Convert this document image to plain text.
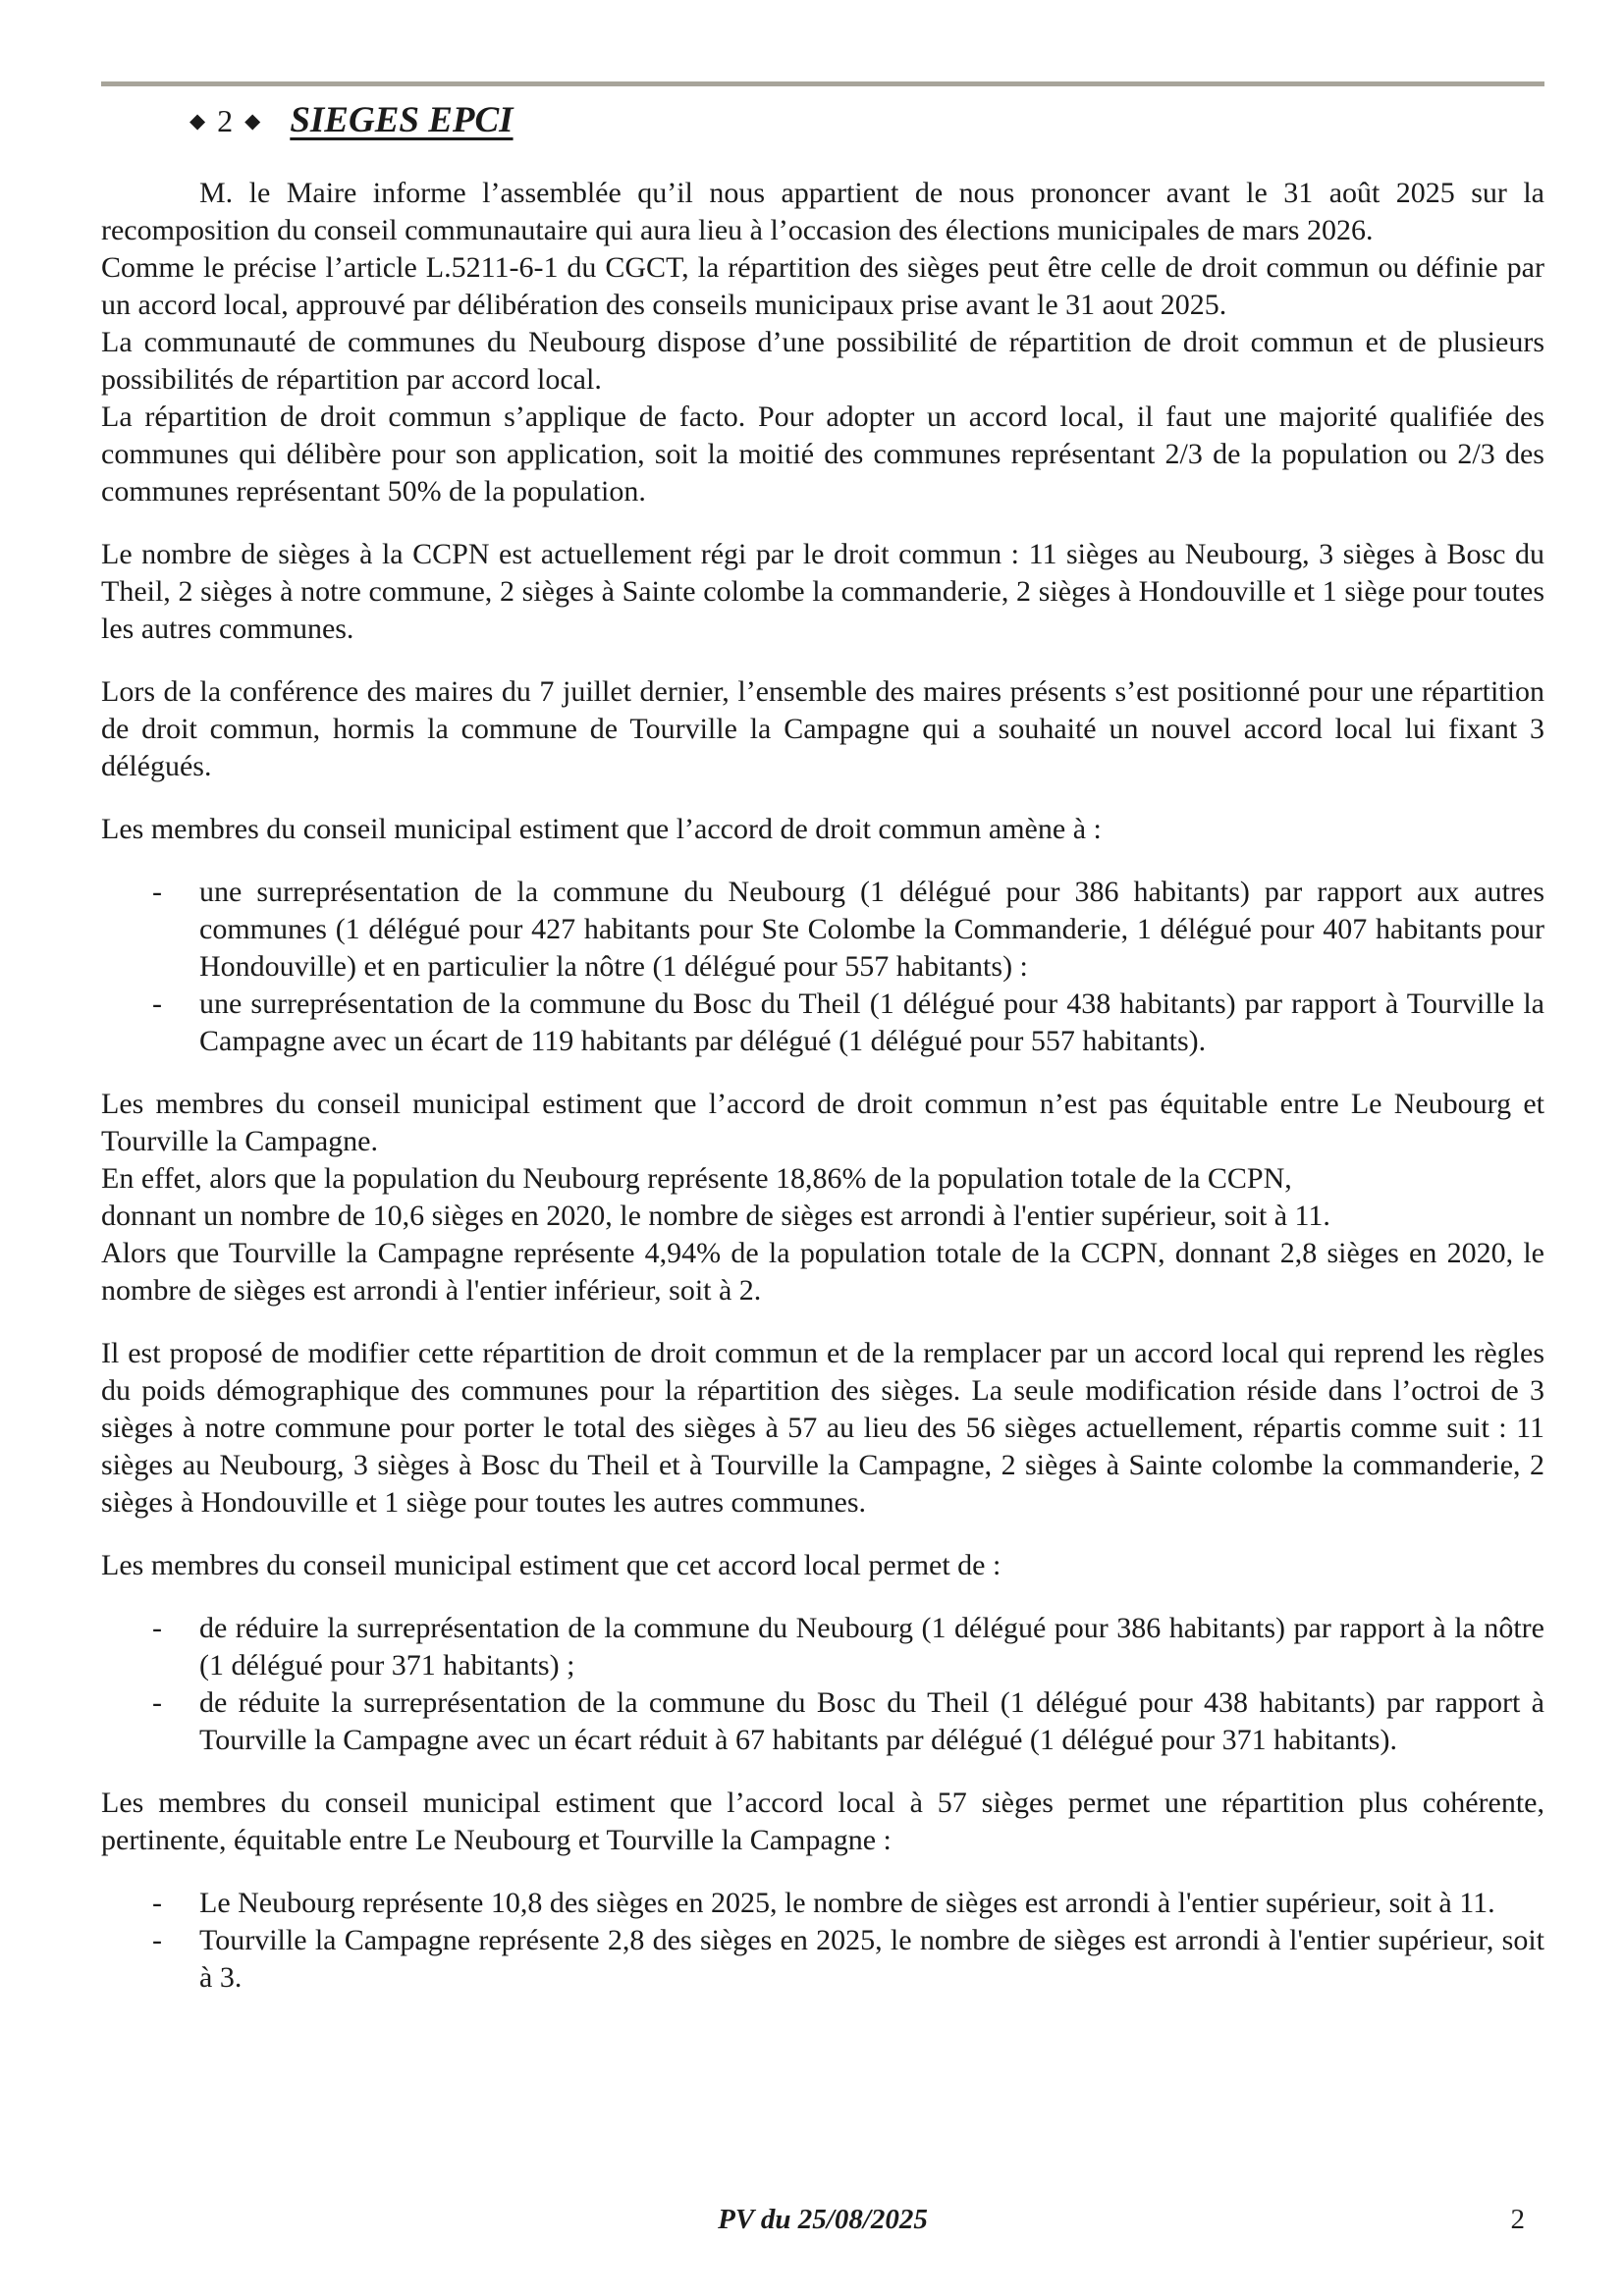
◆ 2 ◆ SIEGES EPCI

M. le Maire informe l’assemblée qu’il nous appartient de nous prononcer avant le 31 août 2025 sur la recomposition du conseil communautaire qui aura lieu à l’occasion des élections municipales de mars 2026.

Comme le précise l’article L.5211-6-1 du CGCT, la répartition des sièges peut être celle de droit commun ou définie par un accord local, approuvé par délibération des conseils municipaux prise avant le 31 aout 2025.

La communauté de communes du Neubourg dispose d’une possibilité de répartition de droit commun et de plusieurs possibilités de répartition par accord local.

La répartition de droit commun s’applique de facto. Pour adopter un accord local, il faut une majorité qualifiée des communes qui délibère pour son application, soit la moitié des communes représentant 2/3 de la population ou 2/3 des communes représentant 50% de la population.

Le nombre de sièges à la CCPN est actuellement régi par le droit commun : 11 sièges au Neubourg, 3 sièges à Bosc du Theil, 2 sièges à notre commune, 2 sièges à Sainte colombe la commanderie, 2 sièges à Hondouville et 1 siège pour toutes les autres communes.

Lors de la conférence des maires du 7 juillet dernier, l’ensemble des maires présents s’est positionné pour une répartition de droit commun, hormis la commune de Tourville la Campagne qui a souhaité un nouvel accord local lui fixant 3 délégués.

Les membres du conseil municipal estiment que l’accord de droit commun amène à :

- une surreprésentation de la commune du Neubourg (1 délégué pour 386 habitants) par rapport aux autres communes (1 délégué pour 427 habitants pour Ste Colombe la Commanderie, 1 délégué pour 407 habitants pour Hondouville) et en particulier la nôtre (1 délégué pour 557 habitants) :
- une surreprésentation de la commune du Bosc du Theil (1 délégué pour 438 habitants) par rapport à Tourville la Campagne avec un écart de 119 habitants par délégué (1 délégué pour 557 habitants).

Les membres du conseil municipal estiment que l’accord de droit commun n’est pas équitable entre Le Neubourg et Tourville la Campagne.

En effet, alors que la population du Neubourg représente 18,86% de la population totale de la CCPN,

donnant un nombre de 10,6 sièges en 2020, le nombre de sièges est arrondi à l'entier supérieur, soit à 11.

Alors que Tourville la Campagne représente 4,94% de la population totale de la CCPN, donnant 2,8 sièges en 2020, le nombre de sièges est arrondi à l'entier inférieur, soit à 2.

Il est proposé de modifier cette répartition de droit commun et de la remplacer par un accord local qui reprend les règles du poids démographique des communes pour la répartition des sièges. La seule modification réside dans l’octroi de 3 sièges à notre commune pour porter le total des sièges à 57 au lieu des 56 sièges actuellement, répartis comme suit : 11 sièges au Neubourg, 3 sièges à Bosc du Theil et à Tourville la Campagne, 2 sièges à Sainte colombe la commanderie, 2 sièges à Hondouville et 1 siège pour toutes les autres communes.

Les membres du conseil municipal estiment que cet accord local permet de :

- de réduire la surreprésentation de la commune du Neubourg (1 délégué pour 386 habitants) par rapport à la nôtre (1 délégué pour 371 habitants) ;
- de réduite la surreprésentation de la commune du Bosc du Theil (1 délégué pour 438 habitants) par rapport à Tourville la Campagne avec un écart réduit à 67 habitants par délégué (1 délégué pour 371 habitants).

Les membres du conseil municipal estiment que l’accord local à 57 sièges permet une répartition plus cohérente, pertinente, équitable entre Le Neubourg et Tourville la Campagne :

- Le Neubourg représente 10,8 des sièges en 2025, le nombre de sièges est arrondi à l'entier supérieur, soit à 11.
- Tourville la Campagne représente 2,8 des sièges en 2025, le nombre de sièges est arrondi à l'entier supérieur, soit à 3.
PV du 25/08/2025	2
